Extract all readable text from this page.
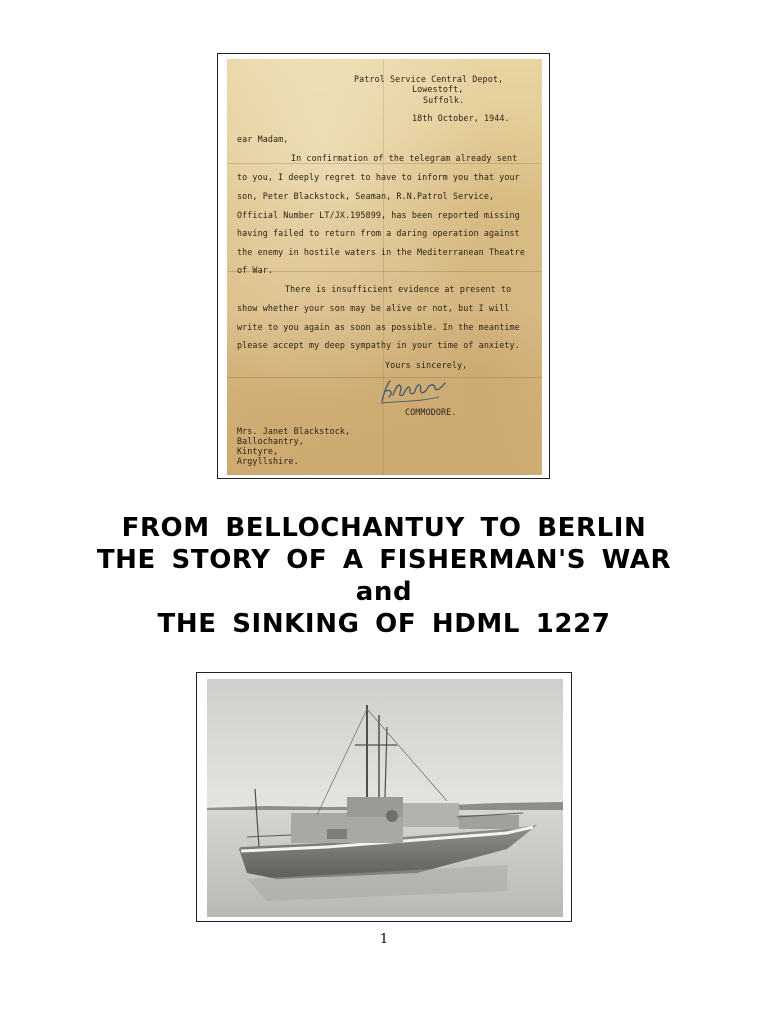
Patrol Service Central Depot,
Lowestoft,
Suffolk.
18th October, 1944.
ear Madam,
In confirmation of the telegram already sent
to you, I deeply regret to have to inform you that your
son, Peter Blackstock, Seaman, R.N.Patrol Service,
Official Number LT/JX.195899, has been reported missing
having failed to return from a daring operation against
the enemy in hostile waters in the Mediterranean Theatre
of War.
There is insufficient evidence at present to
show whether your son may be alive or not, but I will
write to you again as soon as possible. In the meantime
please accept my deep sympathy in your time of anxiety.
Yours sincerely,
COMMODORE.
Mrs. Janet Blackstock,
Ballochantry,
Kintyre,
Argyllshire.
FROM BELLOCHANTUY TO BERLIN
THE STORY OF A FISHERMAN'S WAR
and
THE SINKING OF HDML 1227
1
